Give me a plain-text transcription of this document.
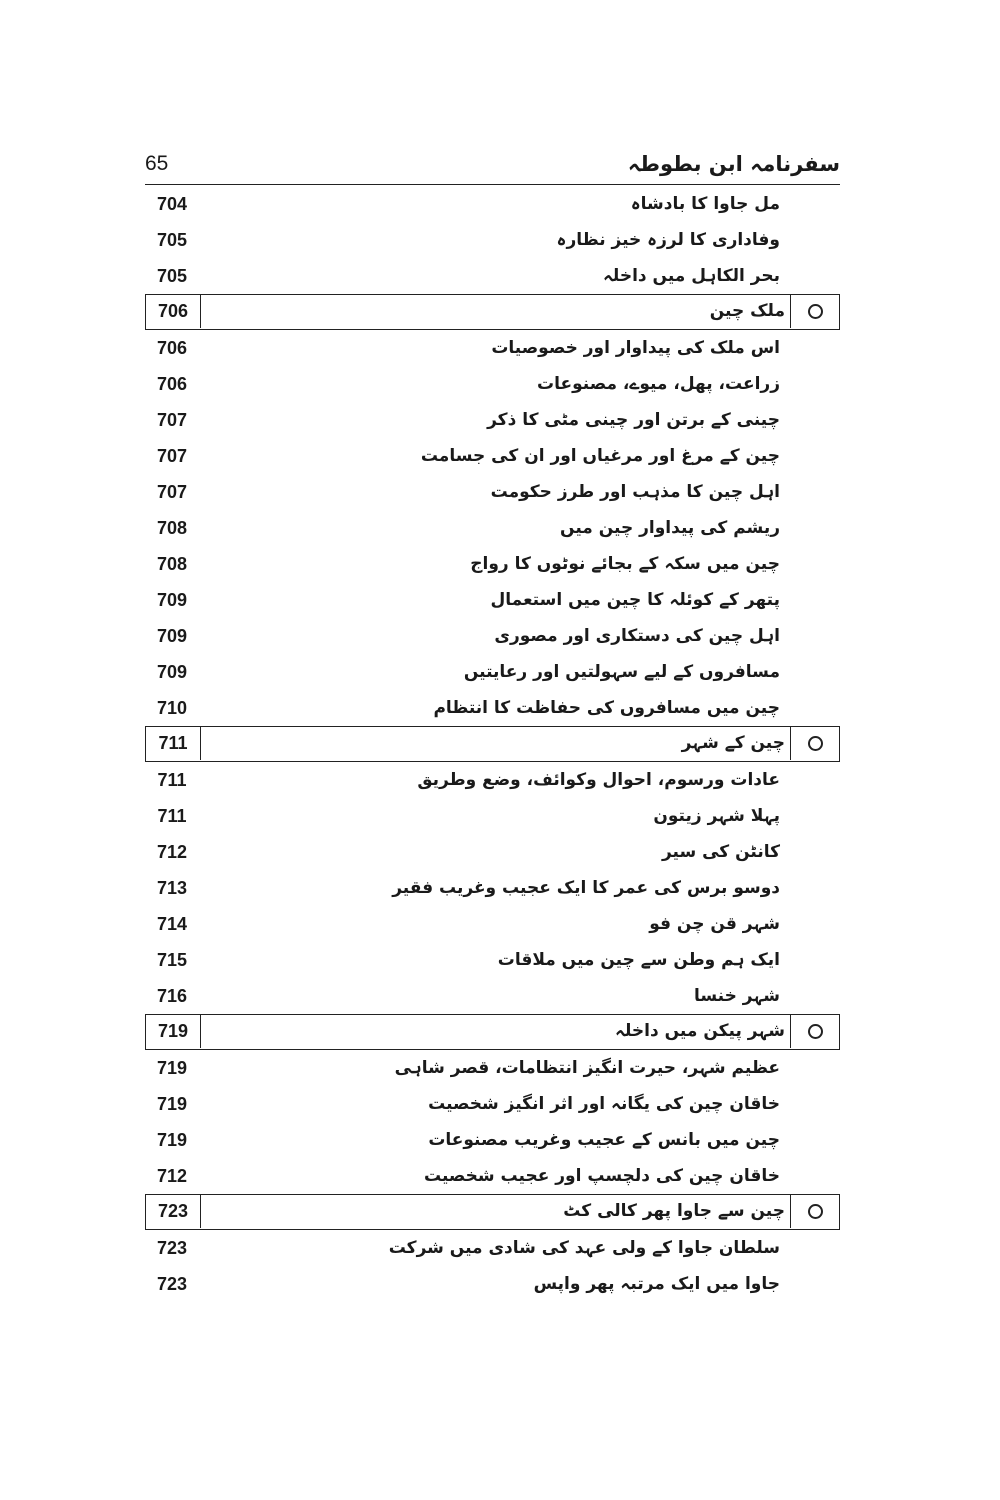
65	سفرنامہ ابن بطوطہ
704	مل جاوا کا بادشاہ
705	وفاداری کا لرزہ خیز نظارہ
705	بحر الکاہل میں داخلہ
706	ملک چین
706	اس ملک کی پیداوار اور خصوصیات
706	زراعت، پھل، میوے، مصنوعات
707	چینی کے برتن اور چینی مٹی کا ذکر
707	چین کے مرغ اور مرغیاں اور ان کی جسامت
707	اہل چین کا مذہب اور طرز حکومت
708	ریشم کی پیداوار چین میں
708	چین میں سکہ کے بجائے نوٹوں کا رواج
709	پتھر کے کوئلہ کا چین میں استعمال
709	اہل چین کی دستکاری اور مصوری
709	مسافروں کے لیے سہولتیں اور رعایتیں
710	چین میں مسافروں کی حفاظت کا انتظام
711	چین کے شہر
711	عادات ورسوم، احوال وکوائف، وضع وطریق
711	پہلا شہر زیتون
712	کانٹن کی سیر
713	دوسو برس کی عمر کا ایک عجیب وغریب فقیر
714	شہر قن چن فو
715	ایک ہم وطن سے چین میں ملاقات
716	شہر خنسا
719	شہر پیکن میں داخلہ
719	عظیم شہر، حیرت انگیز انتظامات، قصر شاہی
719	خاقان چین کی یگانہ اور اثر انگیز شخصیت
719	چین میں بانس کے عجیب وغریب مصنوعات
712	خاقان چین کی دلچسپ اور عجیب شخصیت
723	چین سے جاوا پھر کالی کٹ
723	سلطان جاوا کے ولی عہد کی شادی میں شرکت
723	جاوا میں ایک مرتبہ پھر واپس
